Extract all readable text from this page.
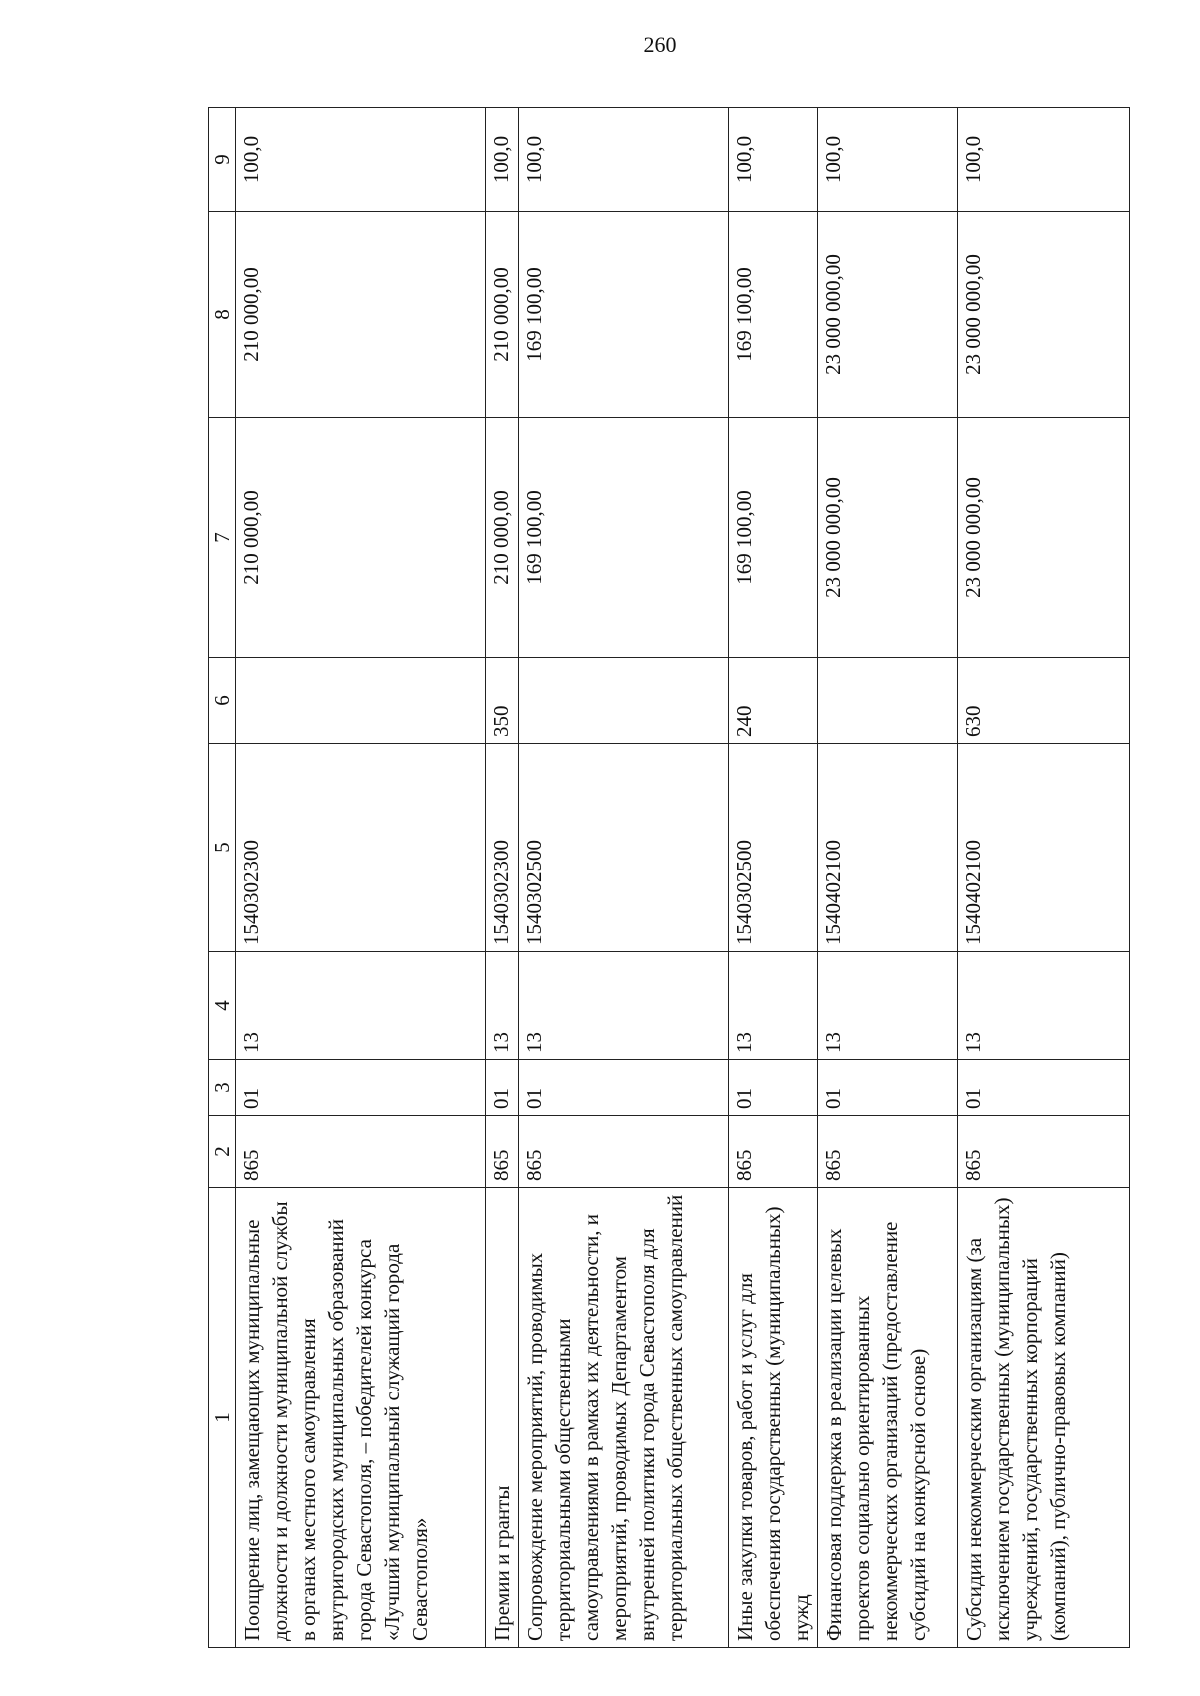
260
1	2	3	4	5	6	7	8	9
Поощрение лиц, замещающих муниципальные должности и должности муниципальной службы в органах местного самоуправления внутригородских муниципальных образований города Севастополя, – победителей конкурса «Лучший муниципальный служащий города Севастополя»	865	01	13	1540302300		210 000,00	210 000,00	100,0
Премии и гранты	865	01	13	1540302300	350	210 000,00	210 000,00	100,0
Сопровождение мероприятий, проводимых территориальными общественными самоуправлениями в рамках их деятельности, и мероприятий, проводимых Департаментом внутренней политики города Севастополя для территориальных общественных самоуправлений	865	01	13	1540302500		169 100,00	169 100,00	100,0
Иные закупки товаров, работ и услуг для обеспечения государственных (муниципальных) нужд	865	01	13	1540302500	240	169 100,00	169 100,00	100,0
Финансовая поддержка в реализации целевых проектов социально ориентированных некоммерческих организаций (предоставление субсидий на конкурсной основе)	865	01	13	1540402100		23 000 000,00	23 000 000,00	100,0
Субсидии некоммерческим организациям (за исключением государственных (муниципальных) учреждений, государственных корпораций (компаний), публично-правовых компаний)	865	01	13	1540402100	630	23 000 000,00	23 000 000,00	100,0
